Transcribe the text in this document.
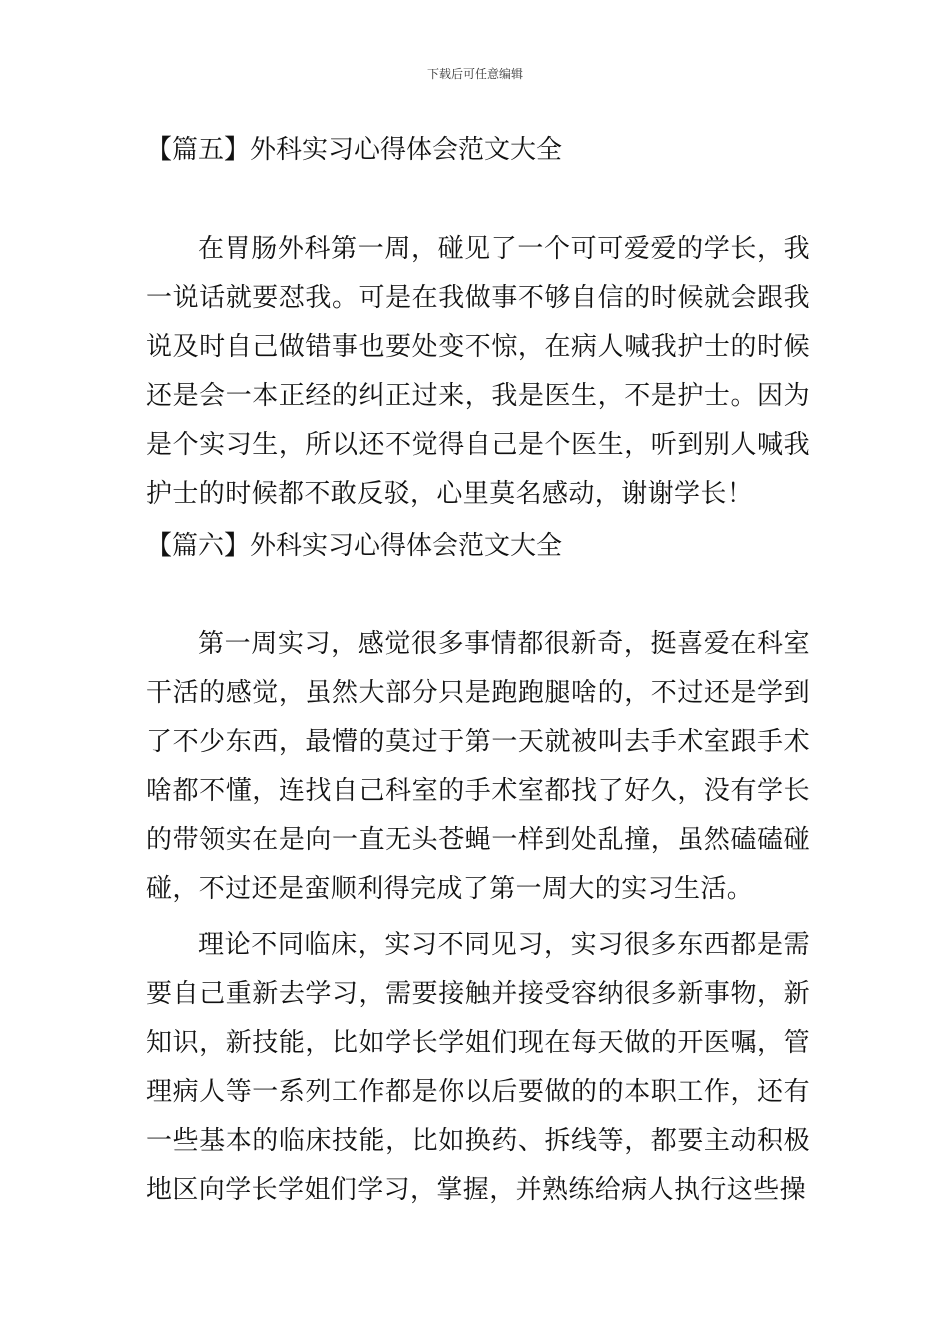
下载后可任意编辑
【篇五】外科实习心得体会范文大全

在胃肠外科第一周，碰见了一个可可爱爱的学长，我一说话就要怼我。可是在我做事不够自信的时候就会跟我说及时自己做错事也要处变不惊，在病人喊我护士的时候还是会一本正经的纠正过来，我是医生，不是护士。因为是个实习生，所以还不觉得自己是个医生，听到别人喊我护士的时候都不敢反驳，心里莫名感动，谢谢学长！

【篇六】外科实习心得体会范文大全

第一周实习，感觉很多事情都很新奇，挺喜爱在科室干活的感觉，虽然大部分只是跑跑腿啥的，不过还是学到了不少东西，最懵的莫过于第一天就被叫去手术室跟手术啥都不懂，连找自己科室的手术室都找了好久，没有学长的带领实在是向一直无头苍蝇一样到处乱撞，虽然磕磕碰碰，不过还是蛮顺利得完成了第一周大的实习生活。

理论不同临床，实习不同见习，实习很多东西都是需要自己重新去学习，需要接触并接受容纳很多新事物，新知识，新技能，比如学长学姐们现在每天做的开医嘱，管理病人等一系列工作都是你以后要做的的本职工作，还有一些基本的临床技能，比如换药、拆线等，都要主动积极地区向学长学姐们学习，掌握，并熟练给病人执行这些操
